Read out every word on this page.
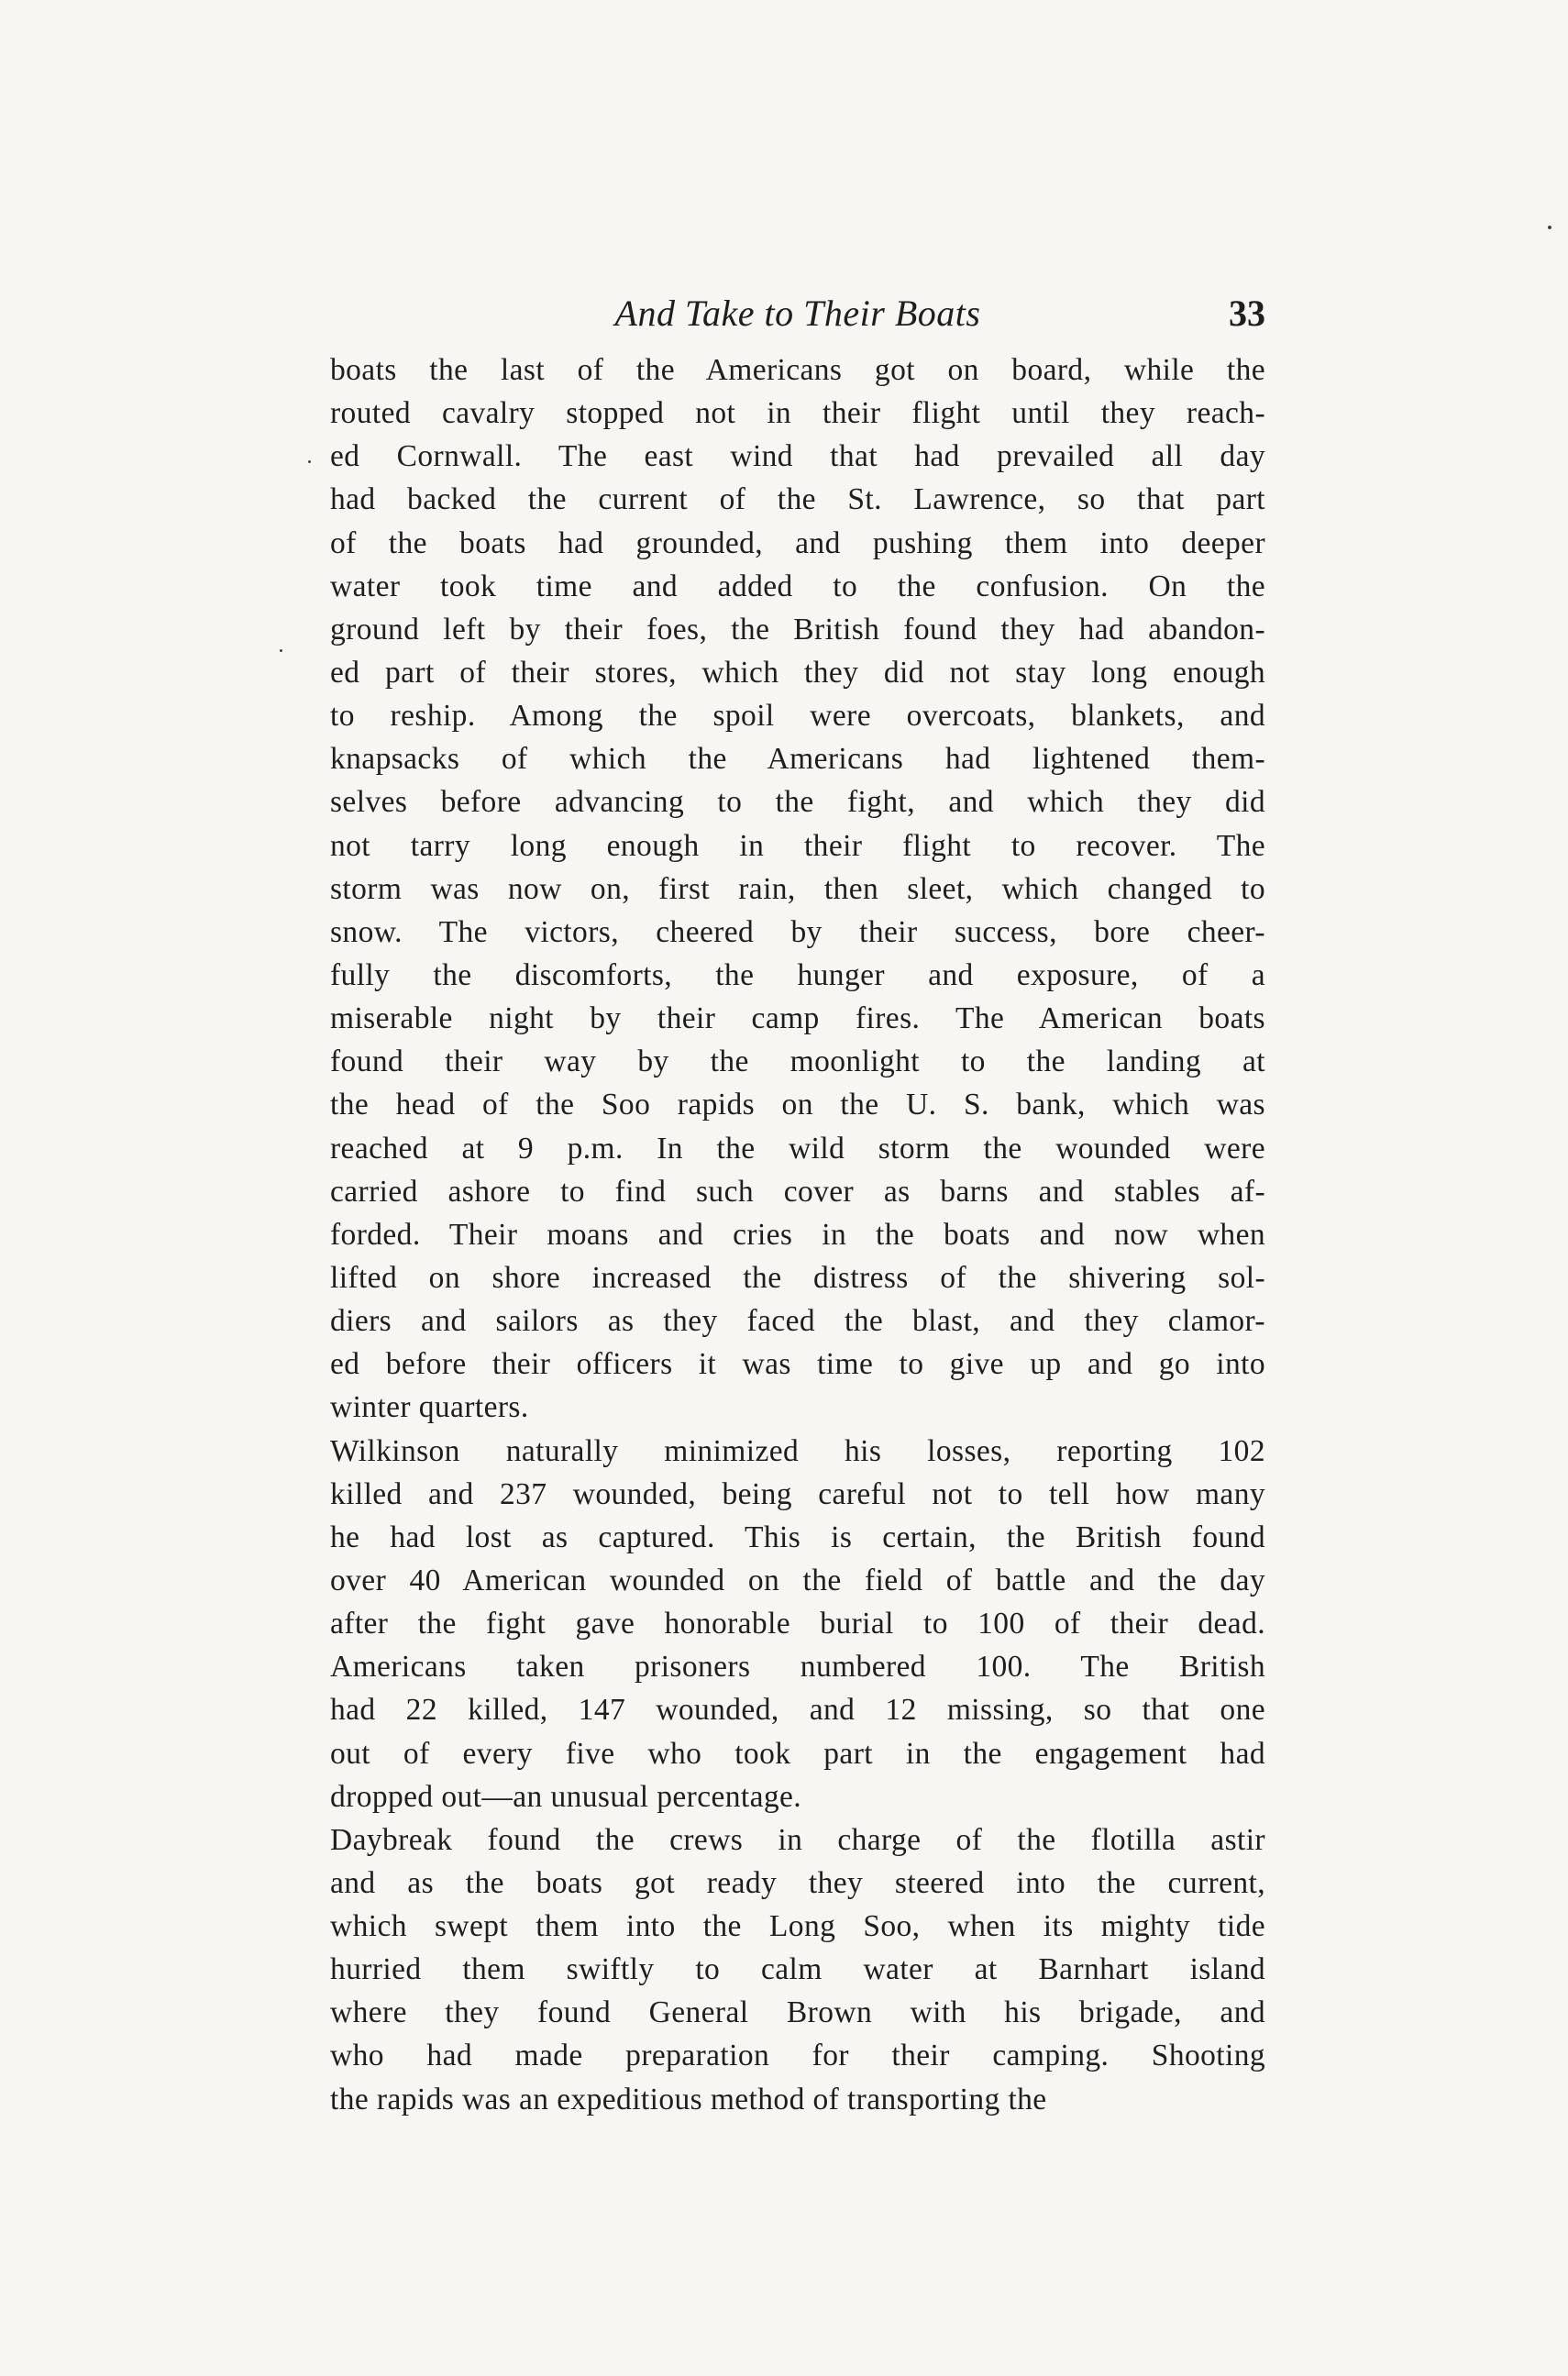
And Take to Their Boats	33
boats the last of the Americans got on board, while the
routed cavalry stopped not in their flight until they reach-
ed Cornwall. The east wind that had prevailed all day
had backed the current of the St. Lawrence, so that part
of the boats had grounded, and pushing them into deeper
water took time and added to the confusion. On the
ground left by their foes, the British found they had abandon-
ed part of their stores, which they did not stay long enough
to reship. Among the spoil were overcoats, blankets, and
knapsacks of which the Americans had lightened them-
selves before advancing to the fight, and which they did
not tarry long enough in their flight to recover. The
storm was now on, first rain, then sleet, which changed to
snow. The victors, cheered by their success, bore cheer-
fully the discomforts, the hunger and exposure, of a
miserable night by their camp fires. The American boats
found their way by the moonlight to the landing at
the head of the Soo rapids on the U. S. bank, which was
reached at 9 p.m. In the wild storm the wounded were
carried ashore to find such cover as barns and stables af-
forded. Their moans and cries in the boats and now when
lifted on shore increased the distress of the shivering sol-
diers and sailors as they faced the blast, and they clamor-
ed before their officers it was time to give up and go into
winter quarters.
Wilkinson naturally minimized his losses, reporting 102
killed and 237 wounded, being careful not to tell how many
he had lost as captured. This is certain, the British found
over 40 American wounded on the field of battle and the day
after the fight gave honorable burial to 100 of their dead.
Americans taken prisoners numbered 100. The British
had 22 killed, 147 wounded, and 12 missing, so that one
out of every five who took part in the engagement had
dropped out—an unusual percentage.
Daybreak found the crews in charge of the flotilla astir
and as the boats got ready they steered into the current,
which swept them into the Long Soo, when its mighty tide
hurried them swiftly to calm water at Barnhart island
where they found General Brown with his brigade, and
who had made preparation for their camping. Shooting
the rapids was an expeditious method of transporting the
